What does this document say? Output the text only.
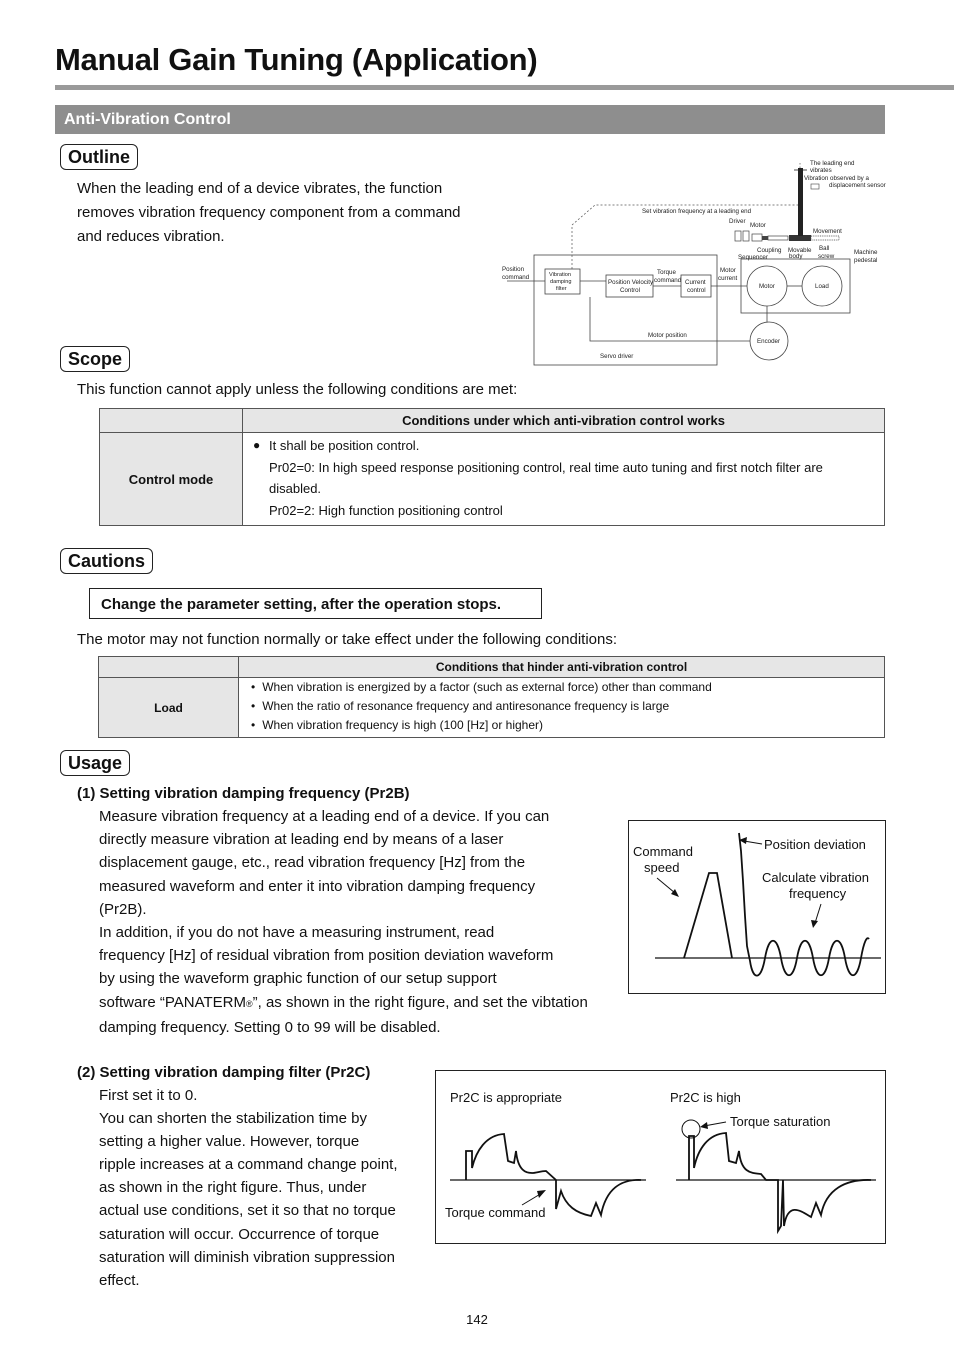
Manual Gain Tuning (Application)
Anti-Vibration Control
Outline
When the leading end of a device vibrates, the function
removes vibration frequency component from a command
and reduces vibration.
Servo driver
Position
command	Vibration
damping
filter
Position Velocity
Control
Torque
command Current
control
Motor
current
Motor	Load
Encoder
Motor position
Set vibration frequency at a leading end
Driver
Motor
Movement
Coupling
Sequencer
Movable
body
Ball
screw
Machine
pedestal
The leading end
vibrates
Vibration observed by a
displacement sensor
Scope
This function cannot apply unless the following conditions are met:
	Conditions under which anti-vibration control works
Control mode	● It shall be position control.
Pr02=0: In high speed response positioning control, real time auto tuning and first notch filter are
disabled.
Pr02=2: High function positioning control
Cautions
Change the parameter setting, after the operation stops.
The motor may not function normally or take effect under the following conditions:
	Conditions that hinder anti-vibration control
Load	• When vibration is energized by a factor (such as external force) other than command
• When the ratio of resonance frequency and antiresonance frequency is large
• When vibration frequency is high (100 [Hz] or higher)
Usage
(1) Setting vibration damping frequency (Pr2B)
Measure vibration frequency at a leading end of a device. If you can
directly measure vibration at leading end by means of a laser
displacement gauge, etc., read vibration frequency [Hz] from the
measured waveform and enter it into vibration damping frequency
(Pr2B).
In addition, if you do not have a measuring instrument, read
frequency [Hz] of residual vibration from position deviation waveform
by using the waveform graphic function of our setup support
software “PANATERM®”, as shown in the right figure, and set the vibtation
damping frequency. Setting 0 to 99 will be disabled.
Command
speed
Position deviation
Calculate vibration
frequency
(2) Setting vibration damping filter (Pr2C)
First set it to 0.
You can shorten the stabilization time by
setting a higher value. However, torque
ripple increases at a command change point,
as shown in the right figure. Thus, under
actual use conditions, set it so that no torque
saturation will occur. Occurrence of torque
saturation will diminish vibration suppression
effect.
Pr2C is appropriate	Pr2C is high
Torque saturation
Torque command
142
